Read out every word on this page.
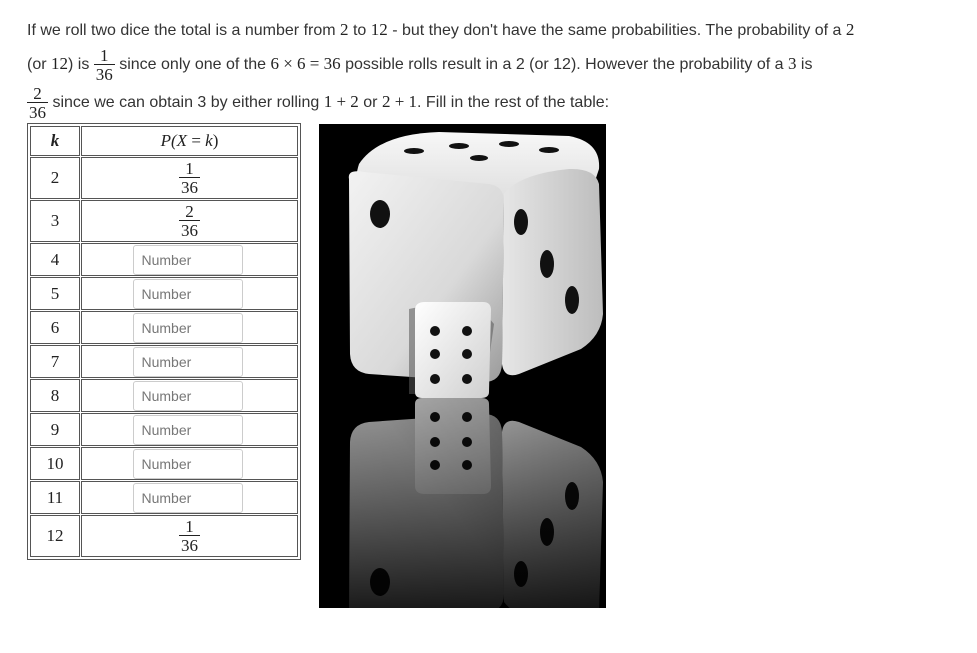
If we roll two dice the total is a number from 2 to 12 - but they don't have the same probabilities. The probability of a 2
(or 12) is $\frac{1}{36}$ since only one of the 6 × 6 = 36 possible rolls result in a 2 (or 12). However the probability of a 3 is
$\frac{2}{36}$ since we can obtain 3 by either rolling 1 + 2 or 2 + 1. Fill in the rest of the table:
k	P(X = k)
2	$\frac{1}{36}$

3	$\frac{2}{36}$

4	Number
5	Number
6	Number
7	Number
8	Number
9	Number
10	Number
11	Number
12	$\frac{1}{36}$
